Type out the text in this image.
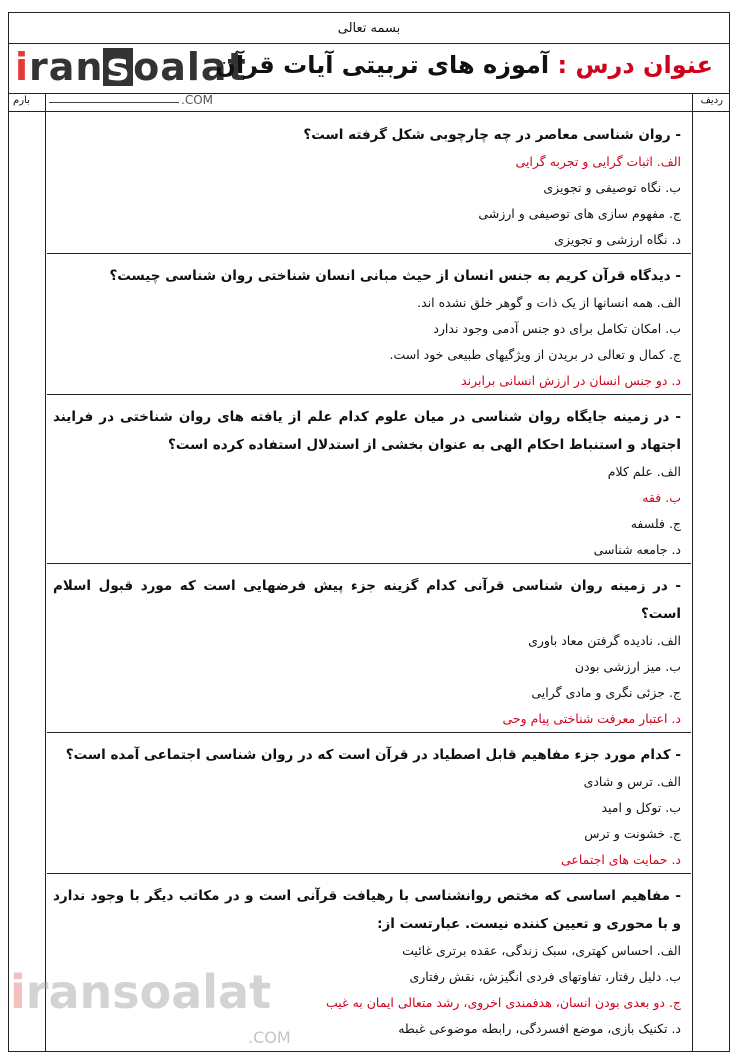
بسمه تعالی
iransoalat	عنوان درس : آموزه های تربیتی آیات قرآن
بارم	.COM	ردیف
- روان شناسی معاصر در چه چارچوبی شکل گرفته است؟
الف. اثبات گرایی و تجربه گرایی
ب. نگاه توصیفی و تجویزی
ج. مفهوم سازی های توصیفی و ارزشی
د. نگاه ارزشی و تجویزی
- دیدگاه قرآن کریم به جنس انسان از حیث مبانی انسان شناختی روان شناسی چیست؟
الف. همه انسانها از یک ذات و گوهر خلق نشده اند.
ب. امکان تکامل برای دو جنس آدمی وجود ندارد
ج. کمال و تعالی در بریدن از ویژگیهای طبیعی خود است.
د. دو جنس انسان در ارزش انسانی برابرند
- در زمینه جایگاه روان شناسی در میان علوم کدام علم از یافته های روان شناختی در فرایند اجتهاد و استنباط احکام الهی به عنوان بخشی از استدلال استفاده کرده است؟
الف. علم کلام
ب. فقه
ج. فلسفه
د. جامعه شناسی
- در زمینه روان شناسی قرآنی کدام گزینه جزء پیش فرضهایی است که مورد قبول اسلام است؟
الف. نادیده گرفتن معاد باوری
ب. میز ارزشی بودن
ج. جزئی نگری و مادی گرایی
د. اعتبار معرفت شناختی پیام وحی
- کدام مورد جزء مفاهیم قابل اصطیاد در قرآن است که در روان شناسی اجتماعی آمده است؟
الف. ترس و شادی
ب. توکل و امید
ج. خشونت و ترس
د. حمایت های اجتماعی
- مفاهیم اساسی که مختص روانشناسی با رهیافت قرآنی است و در مکاتب دیگر با وجود ندارد و با محوری و تعیین کننده نیست. عبارتست از:
الف. احساس کهتری، سبک زندگی، عقده برتری غائیت
ب. دلیل رفتار، تفاوتهای فردی انگیزش، نقش رفتاری
ج. دو بعدی بودن انسان، هدفمندی اخروی، رشد متعالی ایمان به غیب
د. تکنیک بازی، موضع افسردگی، رابطه موضوعی غبطه
iransoalat
.COM
